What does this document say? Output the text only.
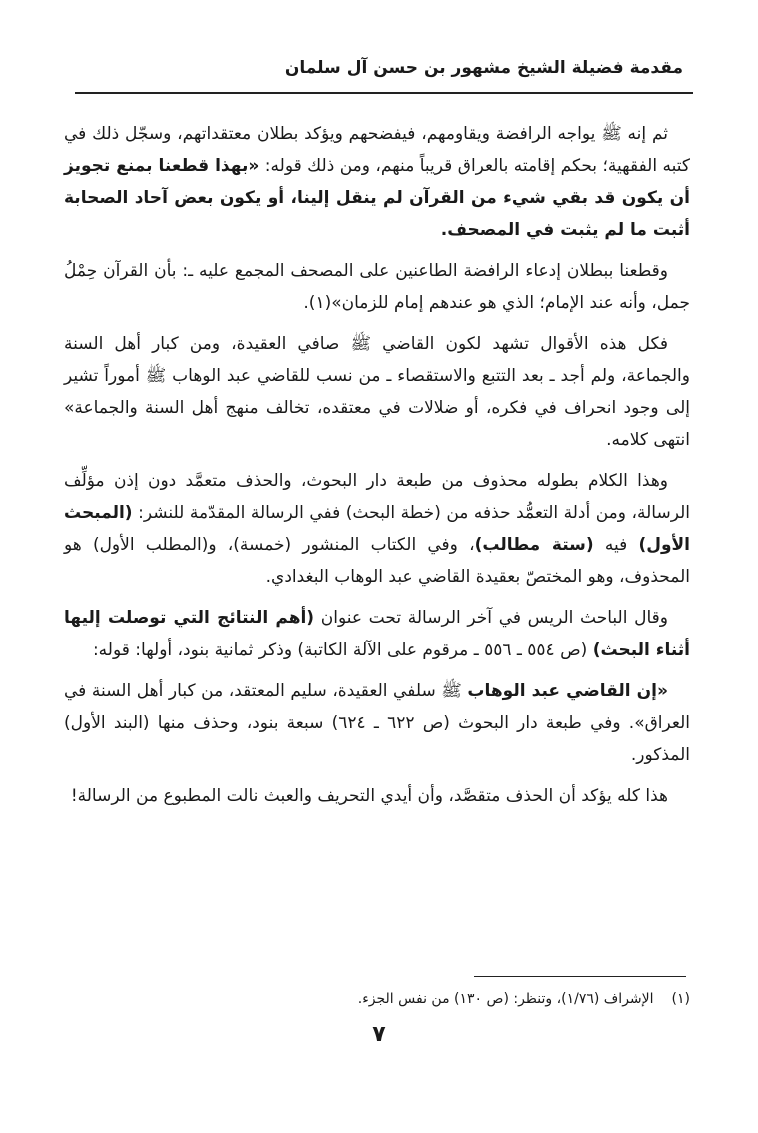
مقدمة فضيلة الشيخ مشهور بن حسن آل سلمان

ثم إنه ﷺ يواجه الرافضة ويقاومهم، فيفضحهم ويؤكد بطلان معتقداتهم، وسجّل ذلك في كتبه الفقهية؛ بحكم إقامته بالعراق قريباً منهم، ومن ذلك قوله: «بهذا قطعنا بمنع تجويز أن يكون قد بقي شيء من القرآن لم ينقل إلينا، أو يكون بعض آحاد الصحابة أثبت ما لم يثبت في المصحف.

وقطعنا ببطلان إدعاء الرافضة الطاعنين على المصحف المجمع عليه ـ: بأن القرآن حِمْلُ جمل، وأنه عند الإمام؛ الذي هو عندهم إمام للزمان»(١).

فكل هذه الأقوال تشهد لكون القاضي ﷺ صافي العقيدة، ومن كبار أهل السنة والجماعة، ولم أجد ـ بعد التتبع والاستقصاء ـ من نسب للقاضي عبد الوهاب ﷺ أموراً تشير إلى وجود انحراف في فكره، أو ضلالات في معتقده، تخالف منهج أهل السنة والجماعة» انتهى كلامه.

وهذا الكلام بطوله محذوف من طبعة دار البحوث، والحذف متعمَّد دون إذن مؤلِّف الرسالة، ومن أدلة التعمُّد حذفه من (خطة البحث) ففي الرسالة المقدّمة للنشر: (المبحث الأول) فيه (ستة مطالب)، وفي الكتاب المنشور (خمسة)، و(المطلب الأول) هو المحذوف، وهو المختصّ بعقيدة القاضي عبد الوهاب البغدادي.

وقال الباحث الريس في آخر الرسالة تحت عنوان (أهم النتائج التي توصلت إليها أثناء البحث) (ص ٥٥٤ ـ ٥٥٦ ـ مرقوم على الآلة الكاتبة) وذكر ثمانية بنود، أولها: قوله:

«إن القاضي عبد الوهاب ﷺ سلفي العقيدة، سليم المعتقد، من كبار أهل السنة في العراق». وفي طبعة دار البحوث (ص ٦٢٢ ـ ٦٢٤) سبعة بنود، وحذف منها (البند الأول) المذكور.

هذا كله يؤكد أن الحذف متقصَّد، وأن أيدي التحريف والعبث نالت المطبوع من الرسالة!

(١)الإشراف (١/٧٦)، وتنظر: (ص ١٣٠) من نفس الجزء.
٧
